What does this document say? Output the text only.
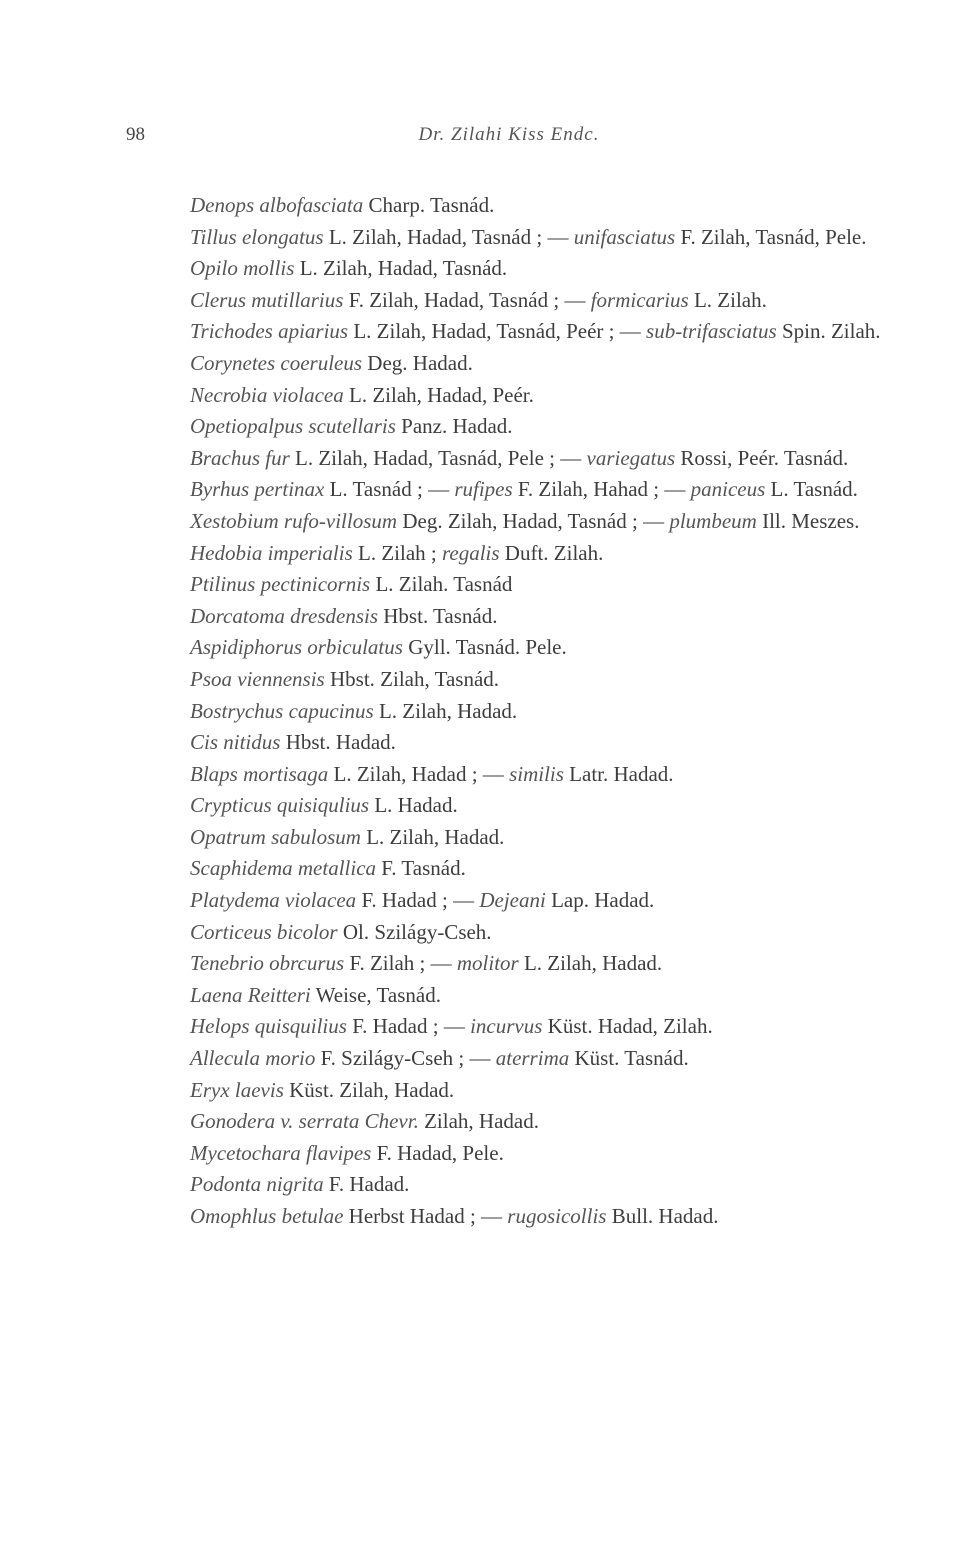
98	Dr. Zilahi Kiss Endc.

Denops albofasciata Charp. Tasnád.

Tillus elongatus L. Zilah, Hadad, Tasnád ; — unifasciatus F. Zilah, Tasnád, Pele.

Opilo mollis L. Zilah, Hadad, Tasnád.

Clerus mutillarius F. Zilah, Hadad, Tasnád ; — formicarius L. Zilah.

Trichodes apiarius L. Zilah, Hadad, Tasnád, Peér ; — sub-trifasciatus Spin. Zilah.

Corynetes coeruleus Deg. Hadad.

Necrobia violacea L. Zilah, Hadad, Peér.

Opetiopalpus scutellaris Panz. Hadad.

Brachus fur L. Zilah, Hadad, Tasnád, Pele ; — variegatus Rossi, Peér. Tasnád.

Byrhus pertinax L. Tasnád ; — rufipes F. Zilah, Hahad ; — paniceus L. Tasnád.

Xestobium rufo-villosum Deg. Zilah, Hadad, Tasnád ; — plumbeum Ill. Meszes.

Hedobia imperialis L. Zilah ; regalis Duft. Zilah.

Ptilinus pectinicornis L. Zilah. Tasnád

Dorcatoma dresdensis Hbst. Tasnád.

Aspidiphorus orbiculatus Gyll. Tasnád. Pele.

Psoa viennensis Hbst. Zilah, Tasnád.

Bostrychus capucinus L. Zilah, Hadad.

Cis nitidus Hbst. Hadad.

Blaps mortisaga L. Zilah, Hadad ; — similis Latr. Hadad.

Crypticus quisiqulius L. Hadad.

Opatrum sabulosum L. Zilah, Hadad.

Scaphidema metallica F. Tasnád.

Platydema violacea F. Hadad ; — Dejeani Lap. Hadad.

Corticeus bicolor Ol. Szilágy-Cseh.

Tenebrio obrcurus F. Zilah ; — molitor L. Zilah, Hadad.

Laena Reitteri Weise, Tasnád.

Helops quisquilius F. Hadad ; — incurvus Küst. Hadad, Zilah.

Allecula morio F. Szilágy-Cseh ; — aterrima Küst. Tasnád.

Eryx laevis Küst. Zilah, Hadad.

Gonodera v. serrata Chevr. Zilah, Hadad.

Mycetochara flavipes F. Hadad, Pele.

Podonta nigrita F. Hadad.

Omophlus betulae Herbst Hadad ; — rugosicollis Bull. Hadad.
